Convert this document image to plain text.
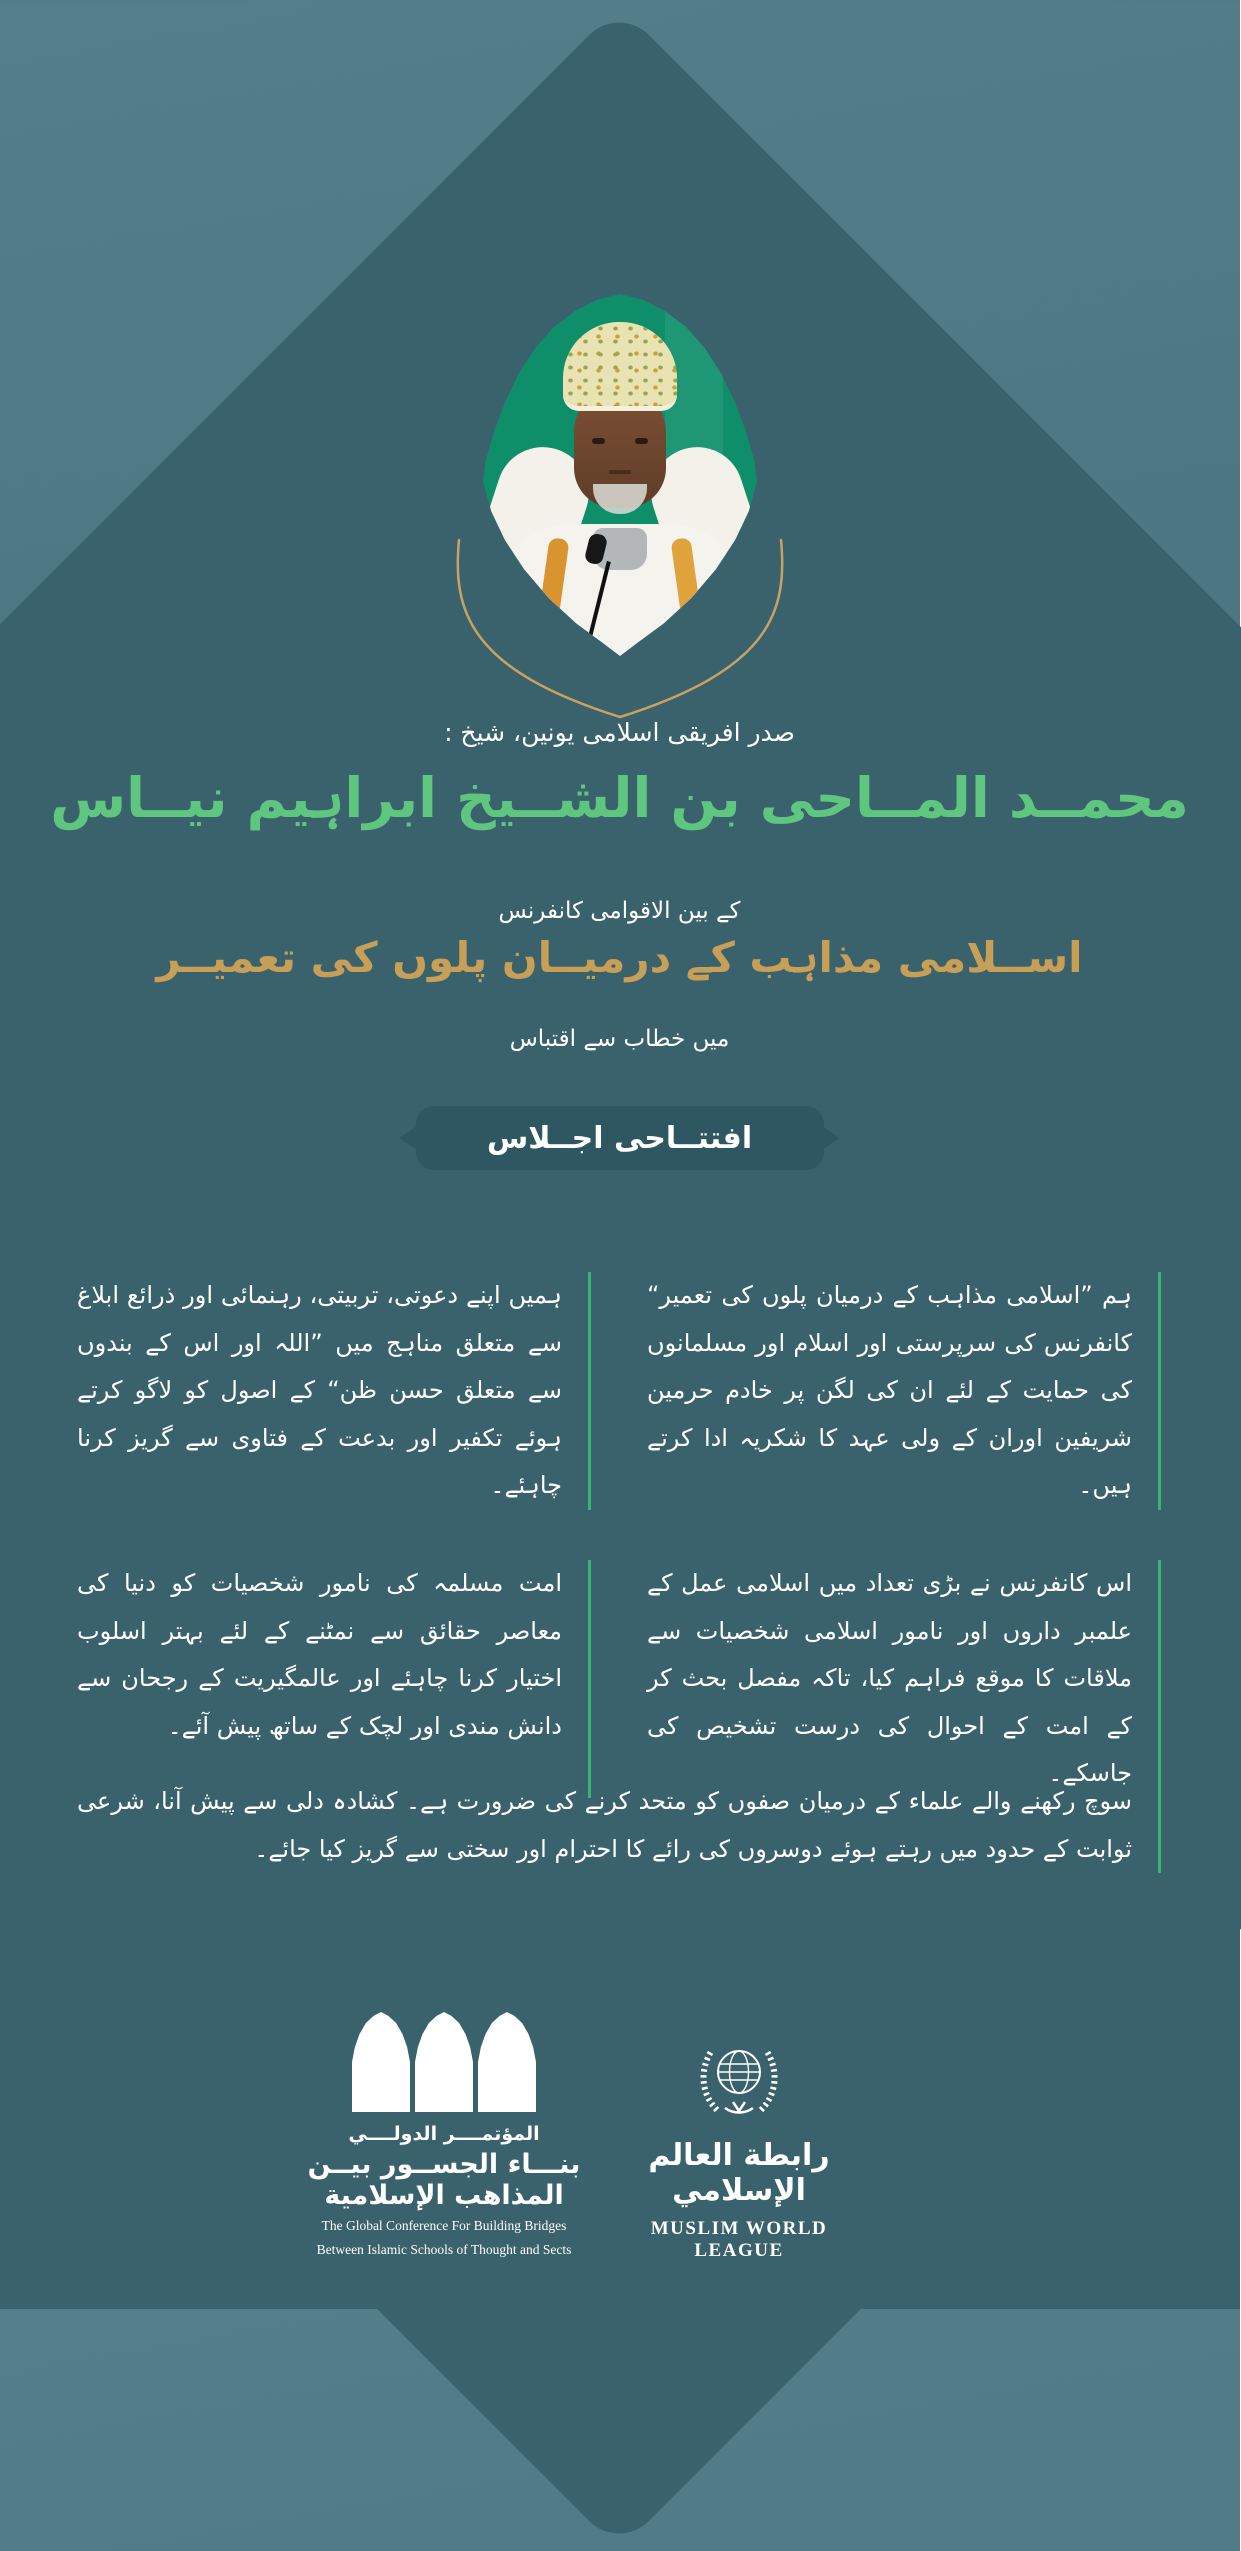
صدر افریقی اسلامی یونین، شیخ :
محمــد المــاحی بن الشــیخ ابراہیم نیــاس
کے بین الاقوامی کانفرنس
اســلامی مذاہب کے درمیــان پلوں کی تعمیــر
میں خطاب سے اقتباس
افتتــاحی اجــلاس
ہم ”اسلامی مذاہب کے درمیان پلوں کی تعمیر“ کانفرنس کی سرپرستی اور اسلام اور مسلمانوں کی حمایت کے لئے ان کی لگن پر خادم حرمین شریفین اوران کے ولی عہد کا شکریہ ادا کرتے ہیں۔
ہمیں اپنے دعوتی، تربیتی، رہنمائی اور ذرائع ابلاغ سے متعلق مناہج میں ”اللہ اور اس کے بندوں سے متعلق حسن ظن“ کے اصول کو لاگو کرتے ہوئے تکفیر اور بدعت کے فتاوی سے گریز کرنا چاہئے۔
اس کانفرنس نے بڑی تعداد میں اسلامی عمل کے علمبر داروں اور نامور اسلامی شخصیات سے ملاقات کا موقع فراہم کیا، تاکہ مفصل بحث کر کے امت کے احوال کی درست تشخیص کی جاسکے۔
امت مسلمہ کی نامور شخصیات کو دنیا کی معاصر حقائق سے نمٹنے کے لئے بہتر اسلوب اختیار کرنا چاہئے اور عالمگیریت کے رجحان سے دانش مندی اور لچک کے ساتھ پیش آئے۔
سوچ رکھنے والے علماء کے درمیان صفوں کو متحد کرنے کی ضرورت ہے۔ کشادہ دلی سے پیش آنا، شرعی ثوابت کے حدود میں رہتے ہوئے دوسروں کی رائے کا احترام اور سختی سے گریز کیا جائے۔
المؤتمــــر الدولــــي
بنـــاء الجســور بيــن
المذاهب الإسلامية
The Global Conference For Building Bridges
Between Islamic Schools of Thought and Sects
رابطة العالم الإسلامي
MUSLIM WORLD LEAGUE
